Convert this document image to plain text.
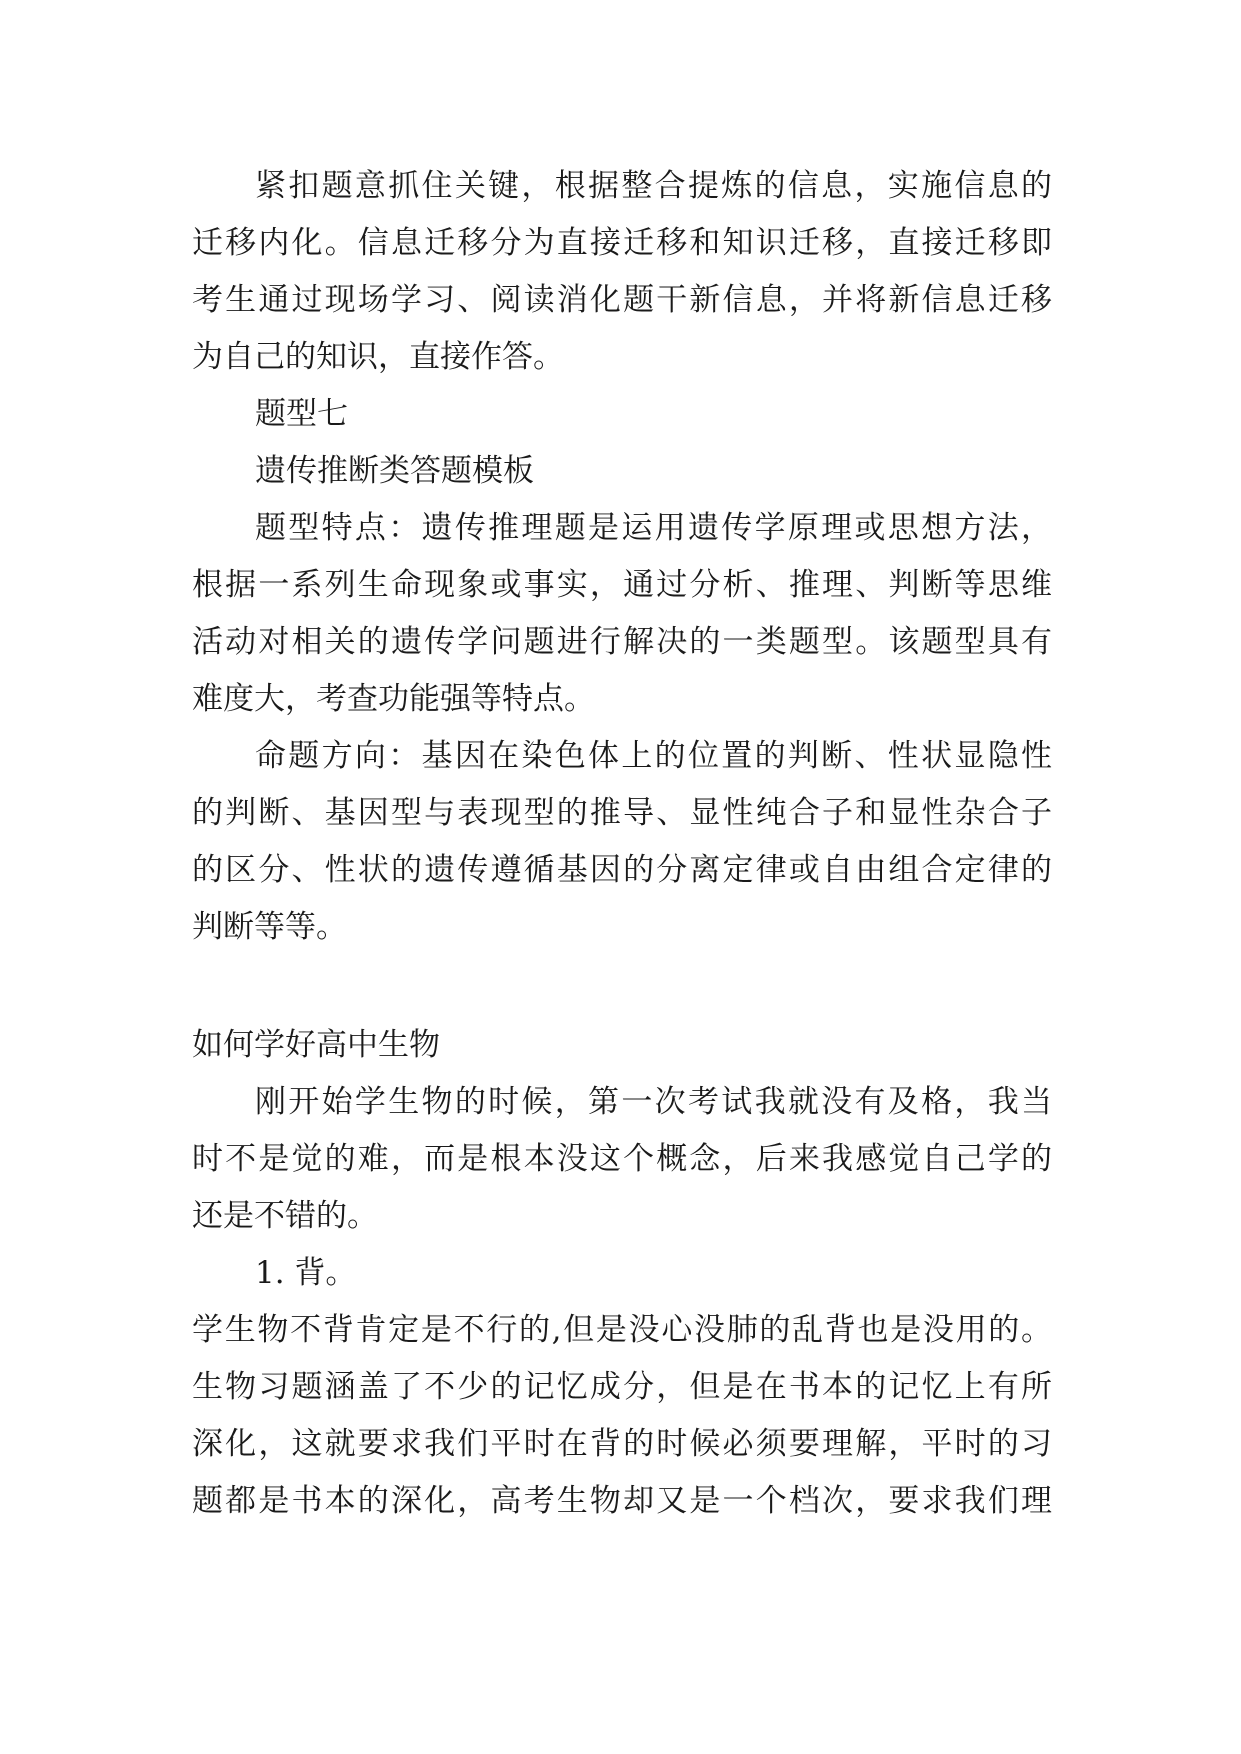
紧扣题意抓住关键，根据整合提炼的信息，实施信息的
迁移内化。信息迁移分为直接迁移和知识迁移，直接迁移即
考生通过现场学习、阅读消化题干新信息，并将新信息迁移
为自己的知识，直接作答。
题型七
遗传推断类答题模板
题型特点：遗传推理题是运用遗传学原理或思想方法，
根据一系列生命现象或事实，通过分析、推理、判断等思维
活动对相关的遗传学问题进行解决的一类题型。该题型具有
难度大，考查功能强等特点。
命题方向：基因在染色体上的位置的判断、性状显隐性
的判断、基因型与表现型的推导、显性纯合子和显性杂合子
的区分、性状的遗传遵循基因的分离定律或自由组合定律的
判断等等。
如何学好高中生物
刚开始学生物的时候，第一次考试我就没有及格，我当
时不是觉的难，而是根本没这个概念，后来我感觉自己学的
还是不错的。
1. 背。
学生物不背肯定是不行的,但是没心没肺的乱背也是没用的。
生物习题涵盖了不少的记忆成分，但是在书本的记忆上有所
深化，这就要求我们平时在背的时候必须要理解，平时的习
题都是书本的深化，高考生物却又是一个档次，要求我们理
